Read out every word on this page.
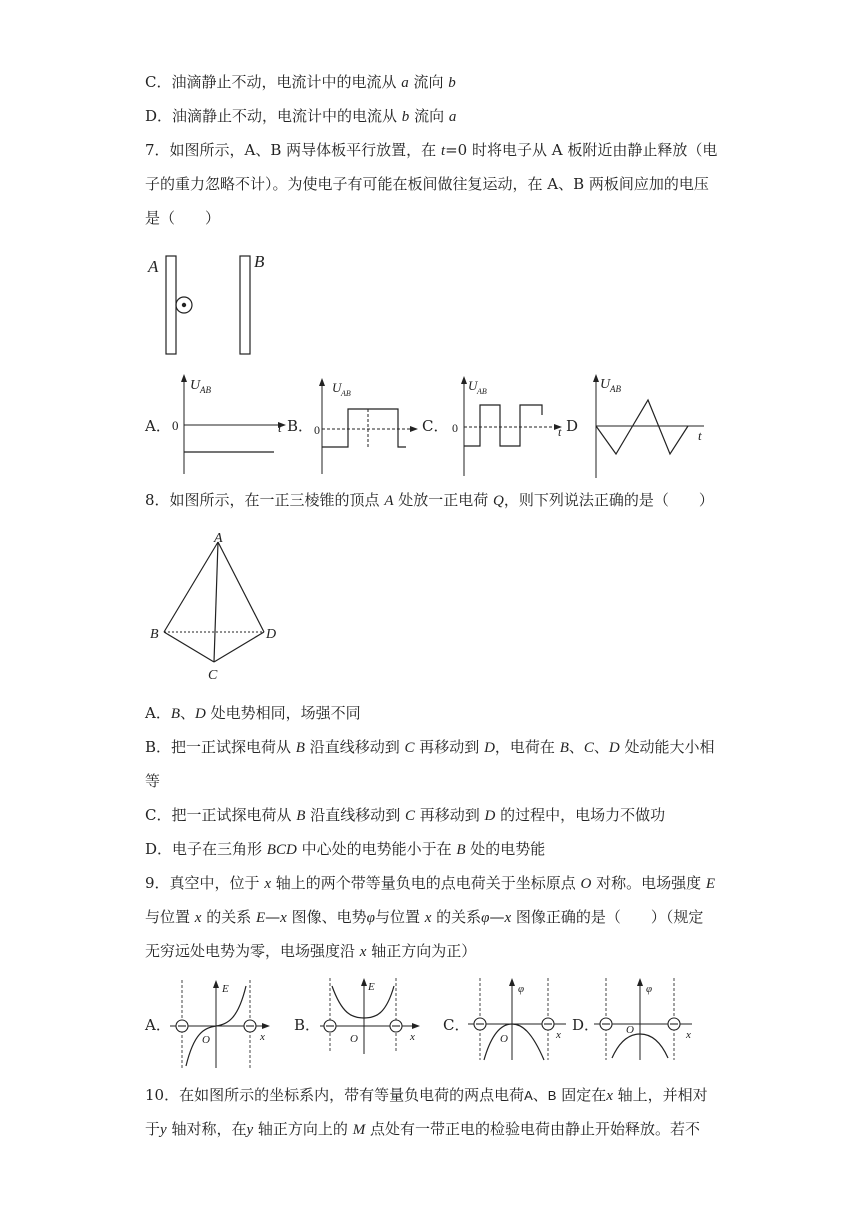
C．油滴静止不动，电流计中的电流从 a 流向 b
D．油滴静止不动，电流计中的电流从 b 流向 a
7．如图所示，A、B 两导体板平行放置，在 t=0 时将电子从 A 板附近由静止释放（电
子的重力忽略不计）。为使电子有可能在板间做往复运动，在 A、B 两板间应加的电压
是（　　）
A	B
A．	B．	C．	D
U AB
0	t
U AB
0
U AB
0	t
U AB
t
8．如图所示，在一正三棱锥的顶点 A 处放一正电荷 Q，则下列说法正确的是（　　）
A
B
C
D
A．B、D 处电势相同，场强不同
B．把一正试探电荷从 B 沿直线移动到 C 再移动到 D，电荷在 B、C、D 处动能大小相
等
C．把一正试探电荷从 B 沿直线移动到 C 再移动到 D 的过程中，电场力不做功
D．电子在三角形 BCD 中心处的电势能小于在 B 处的电势能
9．真空中，位于 x 轴上的两个带等量负电的点电荷关于坐标原点 O 对称。电场强度 E
与位置 x 的关系 E—x 图像、电势φ与位置 x 的关系φ—x 图像正确的是（　　）（规定
无穷远处电势为零，电场强度沿 x 轴正方向为正）
A．	B．	C．	D．
E
O	x
E
O	x
φ
O	x
φ
O	x
10．在如图所示的坐标系内，带有等量负电荷的两点电荷A、B 固定在x 轴上，并相对
于y 轴对称，在y 轴正方向上的 M 点处有一带正电的检验电荷由静止开始释放。若不
